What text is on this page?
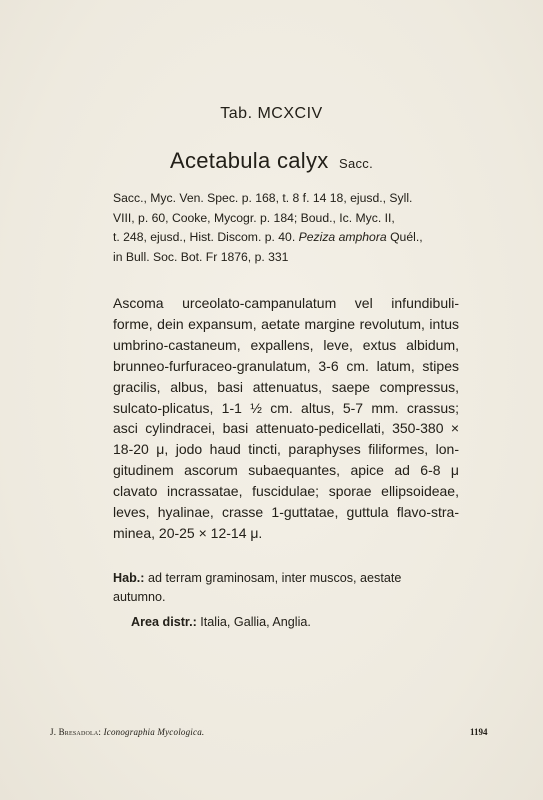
Tab. MCXCIV
Acetabula calyx Sacc.
Sacc., Myc. Ven. Spec. p. 168, t. 8 f. 14 18, ejusd., Syll.
VIII, p. 60, Cooke, Mycogr. p. 184; Boud., Ic. Myc. II,
t. 248, ejusd., Hist. Discom. p. 40. Peziza amphora Quél.,
in Bull. Soc. Bot. Fr 1876, p. 331
Ascoma urceolato-campanulatum vel infundibuli-
forme, dein expansum, aetate margine revolutum, intus
umbrino-castaneum, expallens, leve, extus albidum,
brunneo-furfuraceo-granulatum, 3-6 cm. latum, stipes
gracilis, albus, basi attenuatus, saepe compressus,
sulcato-plicatus, 1-1 ½ cm. altus, 5-7 mm. crassus;
asci cylindracei, basi attenuato-pedicellati, 350-380 ×
18-20 μ, jodo haud tincti, paraphyses filiformes, lon-
gitudinem ascorum subaequantes, apice ad 6-8 μ
clavato incrassatae, fuscidulae; sporae ellipsoideae,
leves, hyalinae, crasse 1-guttatae, guttula flavo-stra-
minea, 20-25 × 12-14 μ.
Hab.: ad terram graminosam, inter muscos, aestate
autumno.
Area distr.: Italia, Gallia, Anglia.
J. Bresadola: Iconographia Mycologica.	1194
